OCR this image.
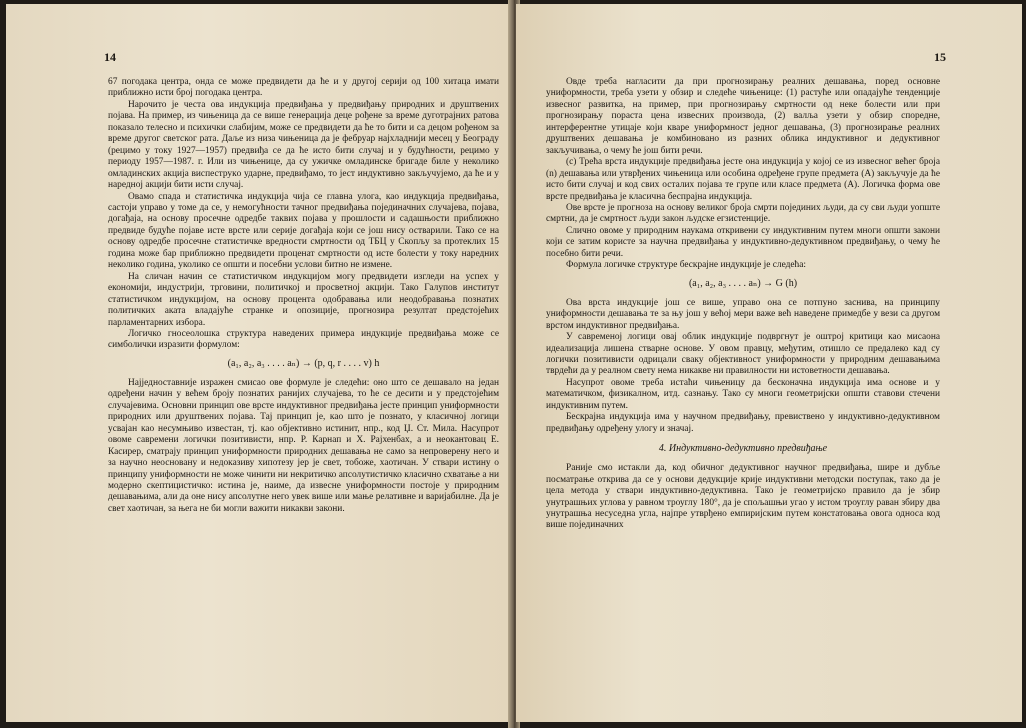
14

67 погодака центра, онда се може предвидети да ће и у другој серији од 100 хитаца имати приближно исти број погодака центра.

Нарочито је честа ова индукција предвиђања у предвиђању природних и друштвених појава. На пример, из чињеница да се више генерација деце рођене за време дуготрајних ратова показало телесно и психички слабијим, може се предвидети да ће то бити и са децом рођеном за време другог светског рата. Даље из низа чињеница да је фебруар најхладнији месец у Београду (рецимо у току 1927—1957) предвиђа се да ће исто бити случај и у будућности, рецимо у периоду 1957—1987. г. Или из чињенице, да су ужичке омладинске бригаде биле у неколико омладинских акција виспеструкo ударне, предвиђамо, то јест индуктивно закључујемо, да ће и у наредној акцији бити исти случај.

Овамо спада и статистичка индукција чија се главна улога, као индукција предвиђања, састоји управо у томе да се, у немогућности тачног предвиђања појединачних случајева, појава, догађаја, на основу просечне одредбе таквих појава у прошлости и садашњости приближно предвиде будуће појаве исте врсте или серије догађаја који се још нису остварили. Тако се на основу одредбе просечне статистичке вредности смртности од ТБЦ у Скопљу за протеклих 15 година може бар приближно предвидети проценат смртности од исте болести у току наредних неколико година, уколико се општи и посебни услови битно не измене.

На сличан начин се статистичком индукцијом могу предвидети изгледи на успех у економији, индустрији, трговини, политичкој и просветној акцији. Тако Галупов институт статистичком индукцијом, на основу процента одобравања или неодобравања познатих политичких аката владајуће странке и опозиције, прогнозира резултат предстојећих парламентарних избора.

Логичко гносеолошка структура наведених примера индукције предвиђања може се симболички изразити формулом:

(a₁, a₂, a₃ . . . . aₙ) → (p, q, r . . . . v) h

Најједноставније изражен смисао ове формуле је следећи: оно што се дешавало на један одређени начин у већем броју познатих ранијих случајева, то ће се десити и у предстојећим случајевима. Основни принцип ове врсте индуктивног предвиђања јесте принцип униформности природних или друштвених појава. Тај принцип је, као што је познато, у класичној логици усвајан као несумњиво известан, тј. као објективно истинит, нпр., код Џ. Ст. Мила. Насупрот овоме савремени логички позитивисти, нпр. Р. Карнап и Х. Рајхенбах, а и неокантовац Е. Касирер, сматрају принцип униформности природних дешавања не само за непроверену него и за научно неосновану и недоказиву хипотезу јер је свет, тобоже, хаотичан. У ствари истину о принципу униформности не може чинити ни некритичко апсолутистичко класично схватање а ни модерно скептицистичко: истина је, наиме, да извесне униформности постоје у природним дешавањима, али да оне нису апсолутне него увек више или мање релативне и варијабилне. Да је свет хаотичан, за њега не би могли важити никакви закони.

15

Овде треба нагласити да при прогнозирању реалних дешавања, поред основне униформности, треба узети у обзир и следеће чињенице: (1) растуће или опадајуће тенденције извесног развитка, на пример, при прогнозирању смртности од неке болести или при прогнозирању пораста цена извесних производа, (2) валља узети у обзир споредне, интерферентне утицаје који кваре униформност једног дешавања, (3) прогнозирање реалних друштвених дешавања је комбиновано из разних облика индуктивног и дедуктивног закључивања, о чему ће још бити речи.

(с) Трећа врста индукције предвиђања јесте она индукција у којој се из извесног већег броја (n) дешавања или утврђених чињеница или особина одређене групе предмета (А) закључује да ће исто бити случај и код свих осталих појава те групе или класе предмета (А). Логичка форма ове врсте предвиђања је класична беспрајна индукција.

Ове врсте је прогноза на основу великог броја смрти појединих људи, да су сви људи уопште смртни, да је смртност људи закон људске егзистенције.

Слично овоме у природним наукама откривени су индуктивним путем многи општи закони који се затим користе за научна предвиђања у индуктивно-дедуктивном предвиђању, о чему ће посебно бити речи.

Формула логичке структуре бескрајне индукције је следећа:

(a₁, a₂, a₃ . . . . aₙ) → G (h)

Ова врста индукције још се више, управо она се потпуно заснива, на принципу униформности дешавања те за њу још у већој мери важе већ наведене примедбе у вези са другом врстом индуктивног предвиђања.

У савременој логици овај облик индукције подвргнут је оштрој критици као мисаона идеализација лишена стварне основе. У овом правцу, међутим, отишло се предалеко кад су логички позитивисти одрицали свaку објективност униформности у природним дешавањима тврдећи да у реалном свету нема никакве ни правилности ни истоветности дешавања.

Насупрот овоме треба истаћи чињеницу да бесконачна индукција има основе и у математичком, физикалном, итд. сазнању. Тако су многи геометријски општи ставови стечени индуктивним путем.

Бескрајна индукција има у научном предвиђању, превиствено у индуктивно-дедуктивном предвиђању одређену улогу и значај.

4. Индуктивно-дедуктивно предвиђање

Раније смо истакли да, код обичног дедуктивног научног предвиђања, шире и дубље посматрање открива да се у основи дедукције крије индуктивни методски поступак, тако да је цела метода у ствари индуктивно-дедуктивна. Тако је геометријско правило да је збир унутрашњих углова у равном троуглу 180°, да је спољашњи угао у истом троуглу раван збиру два унутрашња несуседна угла, најпре утврђено емпиријским путем констатовања овога односа код више појединачних
